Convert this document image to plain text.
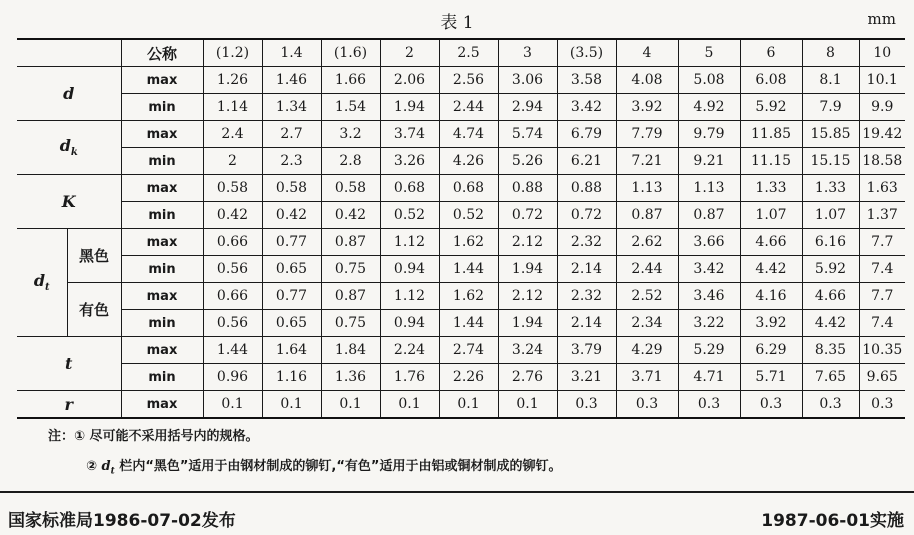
表 1	mm
		公称	(1.2)	1.4	(1.6)	2	2.5	3	(3.5)	4	5	6	8	10
d		max	1.26	1.46	1.66	2.06	2.56	3.06	3.58	4.08	5.08	6.08	8.1	10.1
		min	1.14	1.34	1.54	1.94	2.44	2.94	3.42	3.92	4.92	5.92	7.9	9.9
$d_k$		max	2.4	2.7	3.2	3.74	4.74	5.74	6.79	7.79	9.79	11.85	15.85	19.42
		min	2	2.3	2.8	3.26	4.26	5.26	6.21	7.21	9.21	11.15	15.15	18.58
K		max	0.58	0.58	0.58	0.68	0.68	0.88	0.88	1.13	1.13	1.33	1.33	1.63
		min	0.42	0.42	0.42	0.52	0.52	0.72	0.72	0.87	0.87	1.07	1.07	1.37
$d_t$	黑色	max	0.66	0.77	0.87	1.12	1.62	2.12	2.32	2.62	3.66	4.66	6.16	7.7
		min	0.56	0.65	0.75	0.94	1.44	1.94	2.14	2.44	3.42	4.42	5.92	7.4
	有色	max	0.66	0.77	0.87	1.12	1.62	2.12	2.32	2.52	3.46	4.16	4.66	7.7
		min	0.56	0.65	0.75	0.94	1.44	1.94	2.14	2.34	3.22	3.92	4.42	7.4
t		max	1.44	1.64	1.84	2.24	2.74	3.24	3.79	4.29	5.29	6.29	8.35	10.35
		min	0.96	1.16	1.36	1.76	2.26	2.76	3.21	3.71	4.71	5.71	7.65	9.65
r		max	0.1	0.1	0.1	0.1	0.1	0.1	0.3	0.3	0.3	0.3	0.3	0.3
注：① 尽可能不采用括号内的规格。
② $d_t$ 栏内“黑色”适用于由钢材制成的铆钉,“有色”适用于由铝或铜材制成的铆钉。
国家标准局1986-07-02发布	1987-06-01实施
